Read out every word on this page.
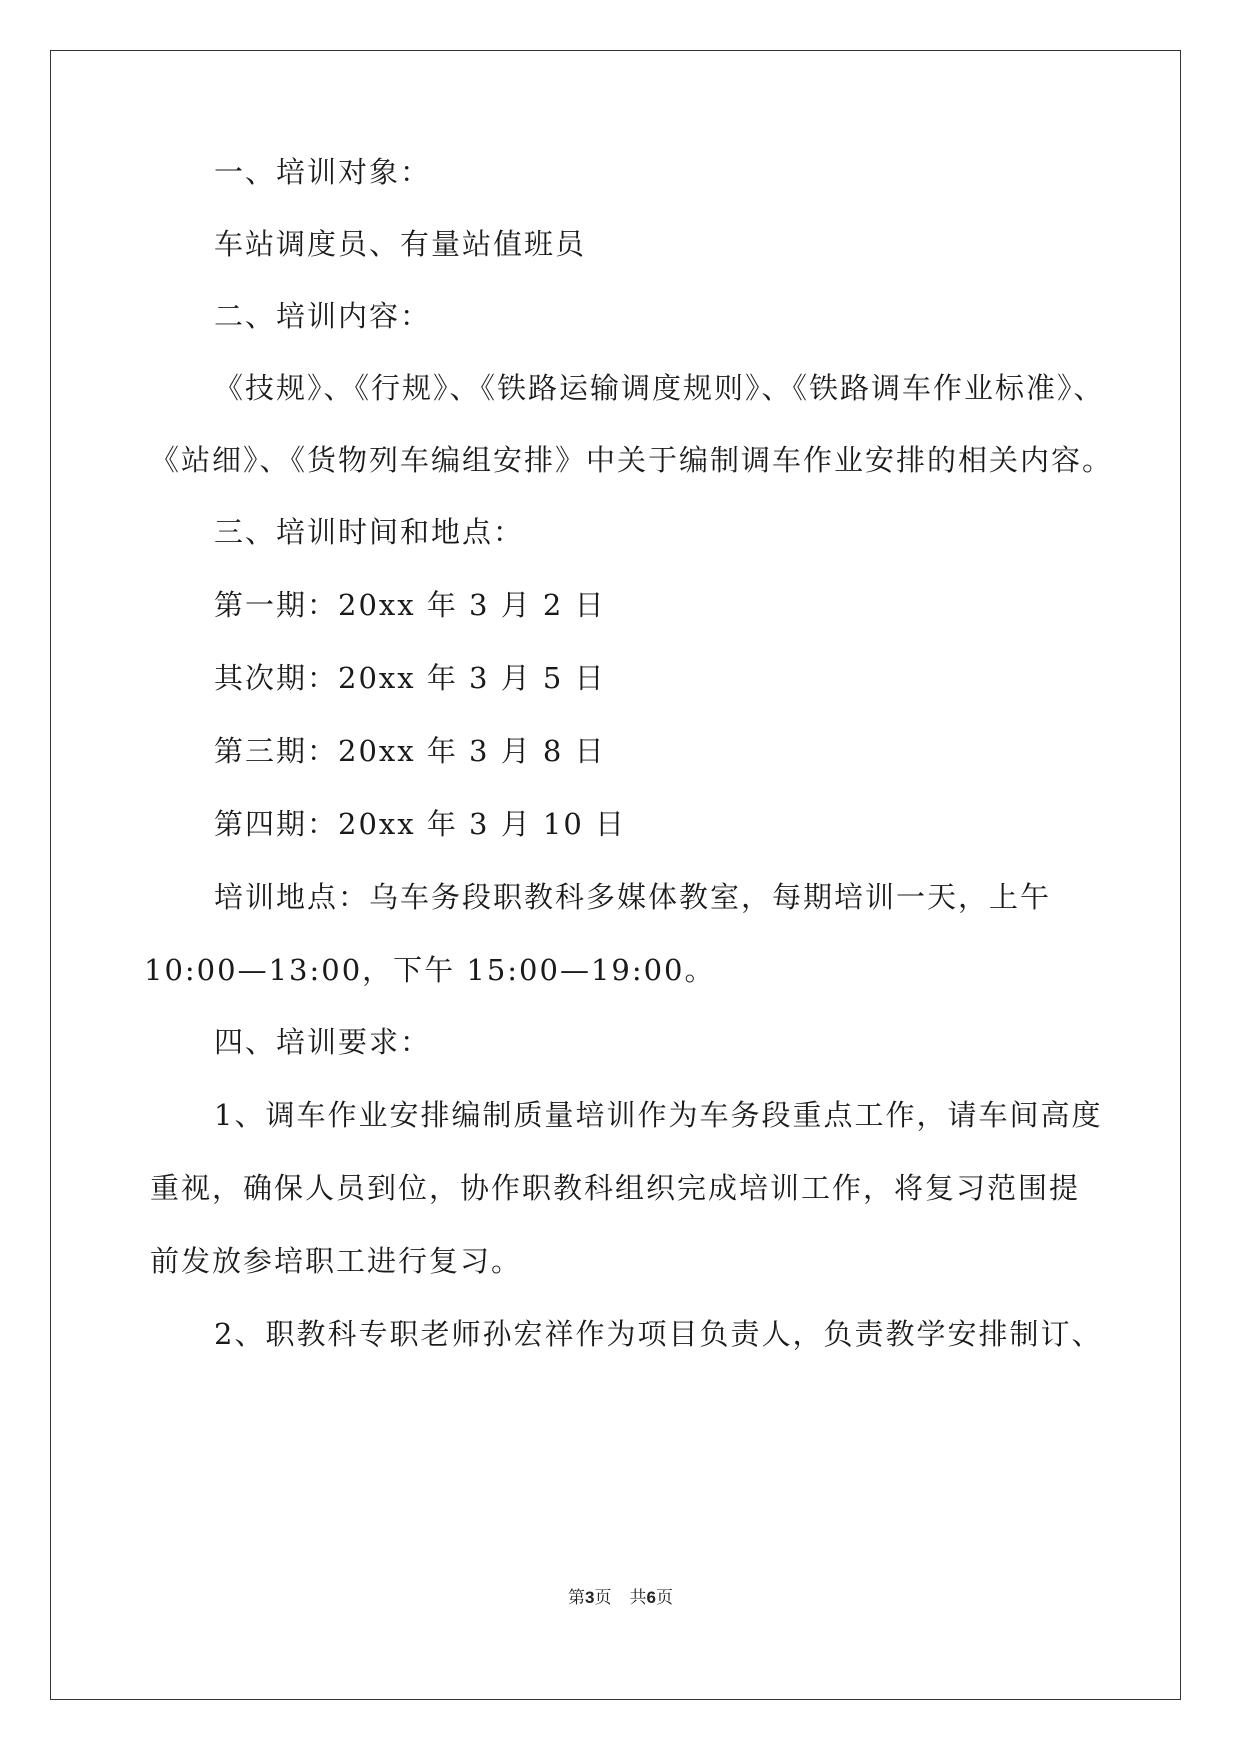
一、培训对象：
车站调度员、有量站值班员
二、培训内容：
《技规》、《行规》、《铁路运输调度规则》、《铁路调车作业标准》、
《站细》、《货物列车编组安排》中关于编制调车作业安排的相关内容。
三、培训时间和地点：
第一期：20xx 年 3 月 2 日
其次期：20xx 年 3 月 5 日
第三期：20xx 年 3 月 8 日
第四期：20xx 年 3 月 10 日
培训地点：乌车务段职教科多媒体教室，每期培训一天，上午
10:00—13:00，下午 15:00—19:00。
四、培训要求：
1、调车作业安排编制质量培训作为车务段重点工作，请车间高度
重视，确保人员到位，协作职教科组织完成培训工作，将复习范围提
前发放参培职工进行复习。
2、职教科专职老师孙宏祥作为项目负责人，负责教学安排制订、
第3页 共6页
